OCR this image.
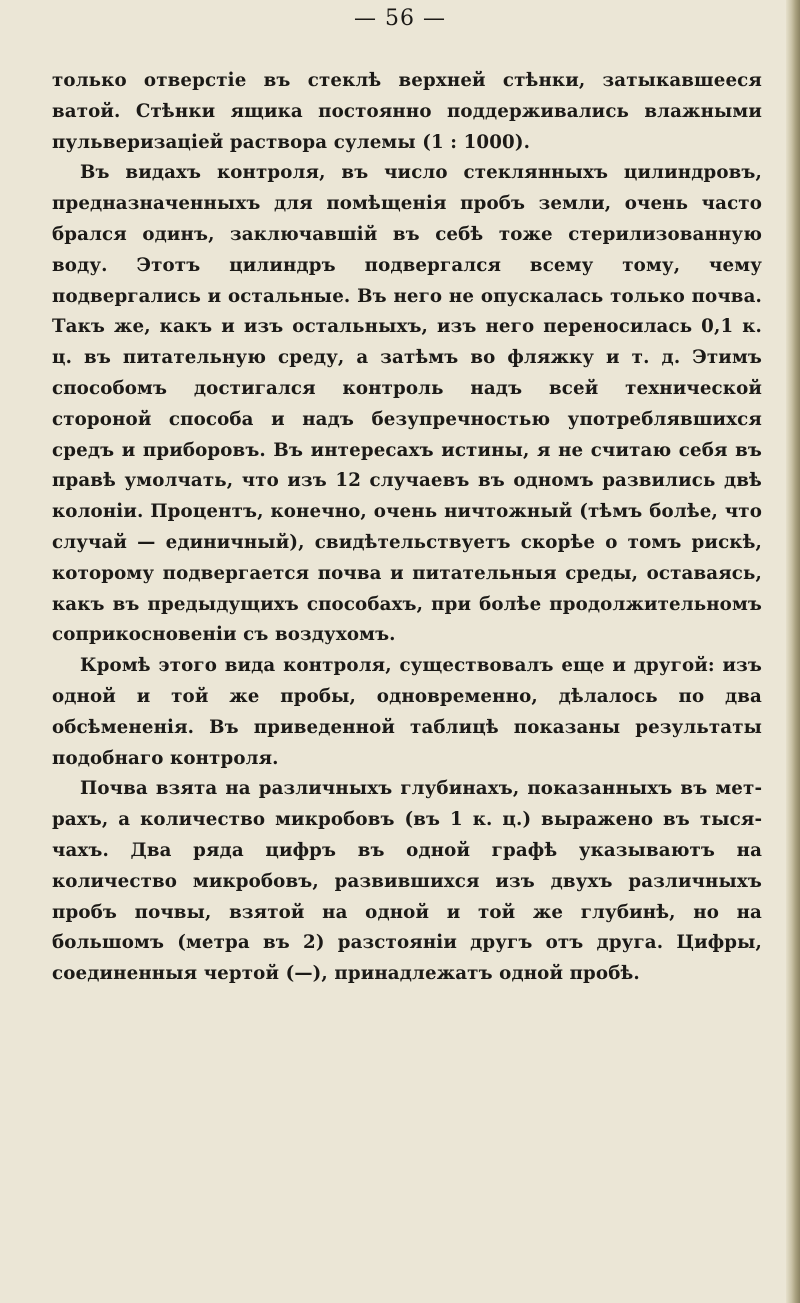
— 56 —

только отверстіе въ стеклѣ верхней стѣнки, затыкавшееся ватой. Стѣнки ящика постоянно поддерживались влажными пульверизаціей раствора сулемы (1 : 1000).

Въ видахъ контроля, въ число стеклянныхъ цилиндровъ, предназначенныхъ для помѣщенія пробъ земли, очень часто брался одинъ, заключавшій въ себѣ тоже стерилизованную воду. Этотъ цилиндръ подвергался всему тому, чему подвергались и остальные. Въ него не опускалась только почва. Такъ же, какъ и изъ остальныхъ, изъ него переносилась 0,1 к. ц. въ питательную среду, а затѣмъ во фляжку и т. д. Этимъ способомъ достигался контроль надъ всей технической стороной способа и надъ безупречностью употреблявшихся средъ и приборовъ. Въ интересахъ истины, я не считаю себя въ правѣ умолчать, что изъ 12 случаевъ въ одномъ развились двѣ колоніи. Процентъ, конечно, очень ничтожный (тѣмъ болѣе, что случай — единичный), свидѣтельствуетъ скорѣе о томъ рискѣ, которому подвергается почва и питательныя среды, оставаясь, какъ въ предыдущихъ способахъ, при болѣе продолжительномъ соприкосновеніи съ воздухомъ.

Кромѣ этого вида контроля, существовалъ еще и другой: изъ одной и той же пробы, одновременно, дѣлалось по два обсѣмененія. Въ приведенной таблицѣ показаны результаты подобнаго контроля.

Почва взята на различныхъ глубинахъ, показанныхъ въ метрахъ, а количество микробовъ (въ 1 к. ц.) выражено въ тысячахъ. Два ряда цифръ въ одной графѣ указываютъ на количество микробовъ, развившихся изъ двухъ различныхъ пробъ почвы, взятой на одной и той же глубинѣ, но на большомъ (метра въ 2) разстояніи другъ отъ друга. Цифры, соединенныя чертой (—), принадлежатъ одной пробѣ.
